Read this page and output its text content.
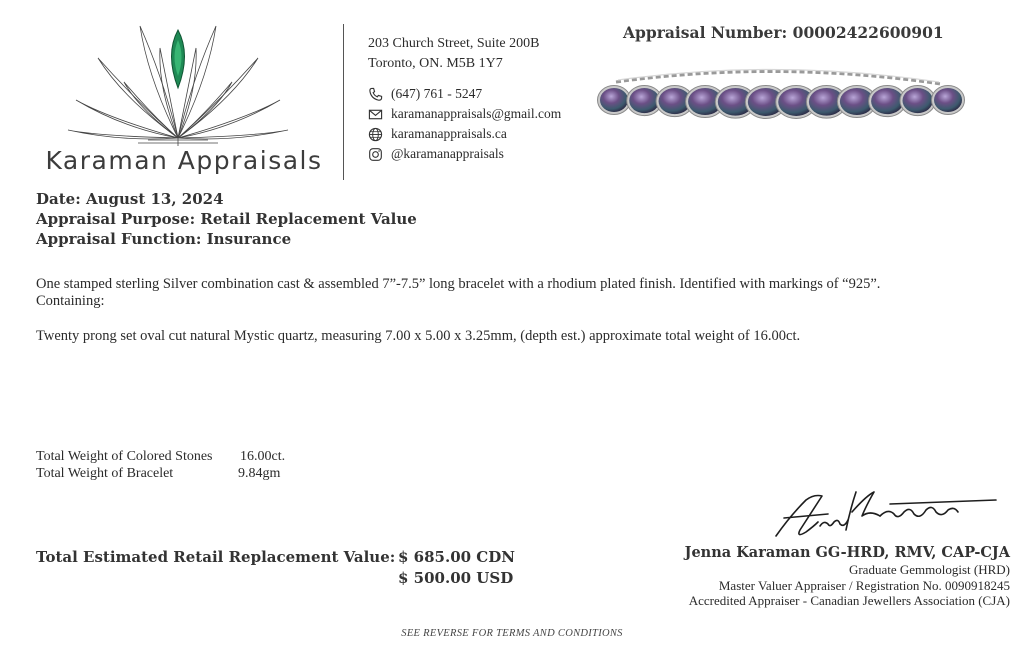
Karaman Appraisals
203 Church Street, Suite 200B
Toronto, ON. M5B 1Y7
(647) 761 - 5247
karamanappraisals@gmail.com
karamanappraisals.ca
@karamanappraisals
Appraisal Number: 00002422600901
Date: August 13, 2024
Appraisal Purpose: Retail Replacement Value
Appraisal Function: Insurance
One stamped sterling Silver combination cast & assembled 7”-7.5” long bracelet with a rhodium plated finish. Identified with markings of “925”.
Containing:
Twenty prong set oval cut natural Mystic quartz, measuring 7.00 x 5.00 x 3.25mm, (depth est.) approximate total weight of 16.00ct.
Total Weight of Colored Stones 16.00ct.
Total Weight of Bracelet	9.84gm
Total Estimated Retail Replacement Value: $ 685.00 CDN
$ 500.00 USD
Jenna Karaman GG-HRD, RMV, CAP-CJA
Graduate Gemmologist (HRD)
Master Valuer Appraiser / Registration No. 0090918245
Accredited Appraiser - Canadian Jewellers Association (CJA)
SEE REVERSE FOR TERMS AND CONDITIONS
